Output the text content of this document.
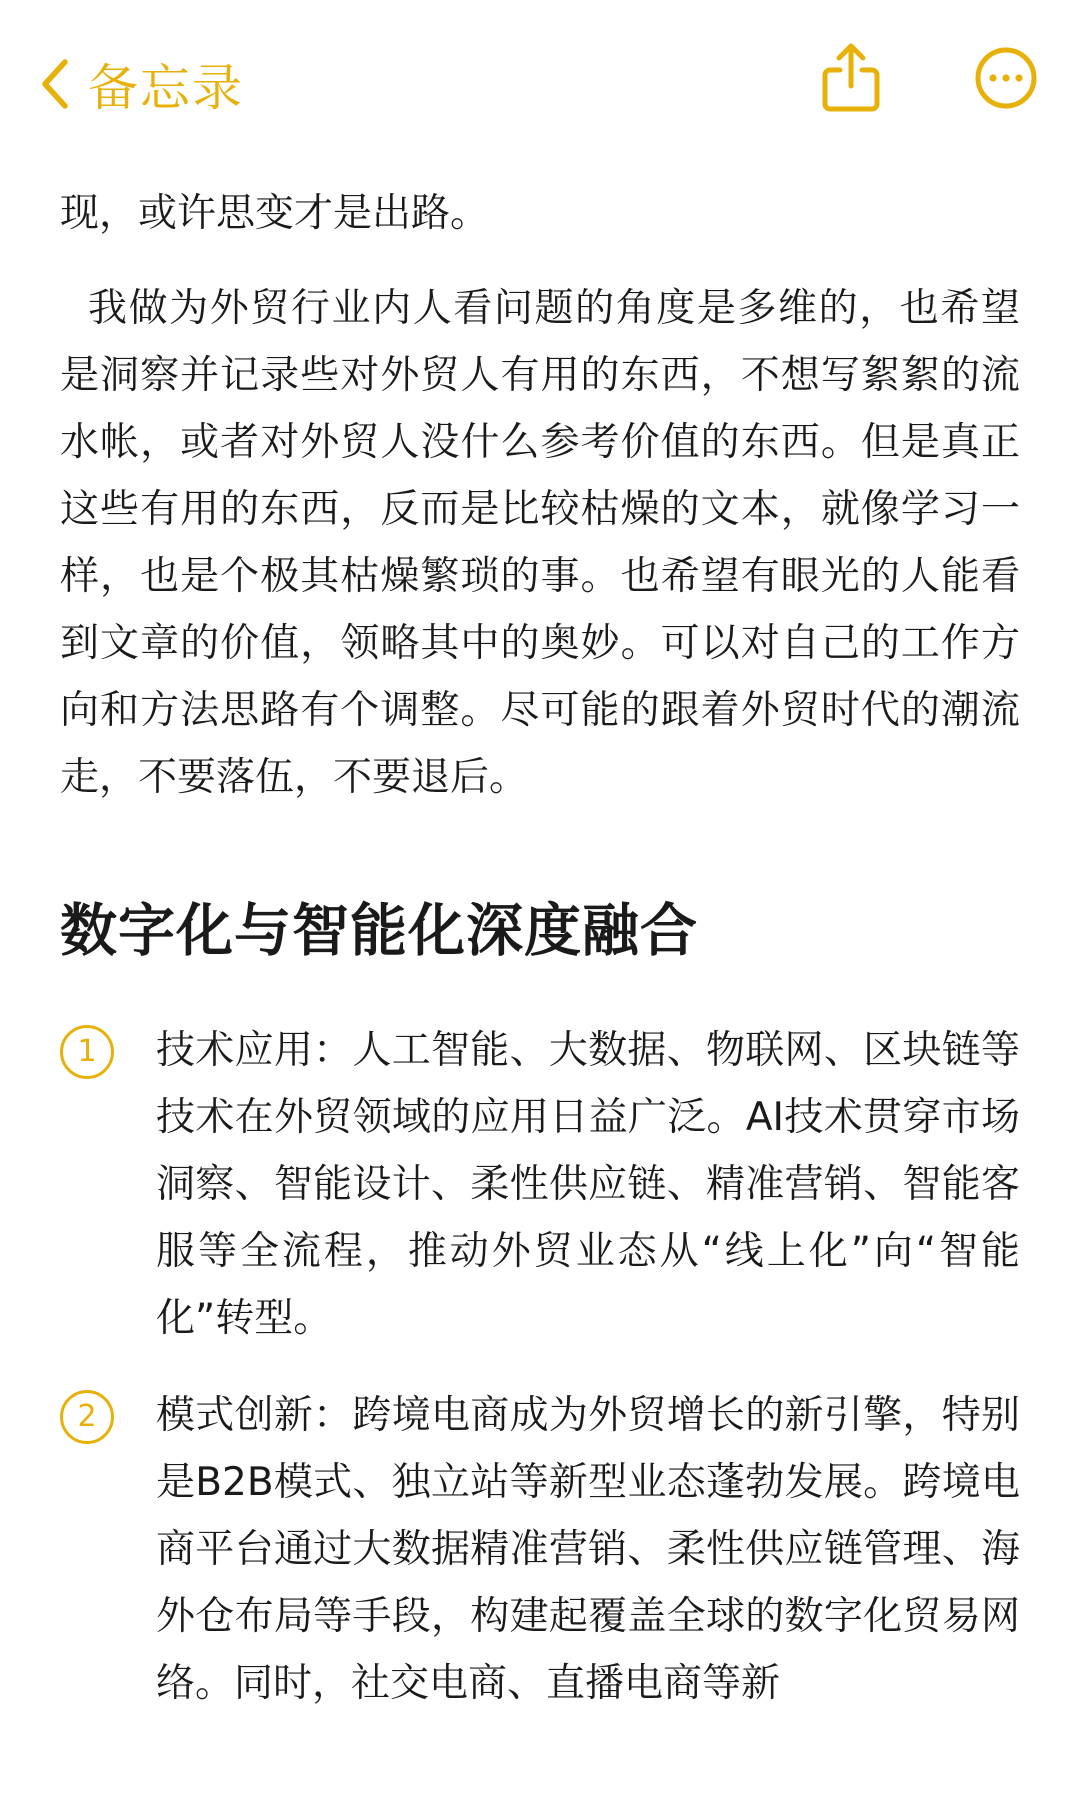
备忘录

现，或许思变才是出路。

我做为外贸行业内人看问题的角度是多维的，也希望是洞察并记录些对外贸人有用的东西，不想写絮絮的流水帐，或者对外贸人没什么参考价值的东西。但是真正这些有用的东西，反而是比较枯燥的文本，就像学习一样，也是个极其枯燥繁琐的事。也希望有眼光的人能看到文章的价值，领略其中的奥妙。可以对自己的工作方向和方法思路有个调整。尽可能的跟着外贸时代的潮流走，不要落伍，不要退后。

数字化与智能化深度融合
1	技术应用：人工智能、大数据、物联网、区块链等技术在外贸领域的应用日益广泛。AI技术贯穿市场洞察、智能设计、柔性供应链、精准营销、智能客服等全流程，推动外贸业态从“线上化”向“智能化”转型。

2	模式创新：跨境电商成为外贸增长的新引擎，特别是B2B模式、独立站等新型业态蓬勃发展。跨境电商平台通过大数据精准营销、柔性供应链管理、海外仓布局等手段，构建起覆盖全球的数字化贸易网络。同时，社交电商、直播电商等新
